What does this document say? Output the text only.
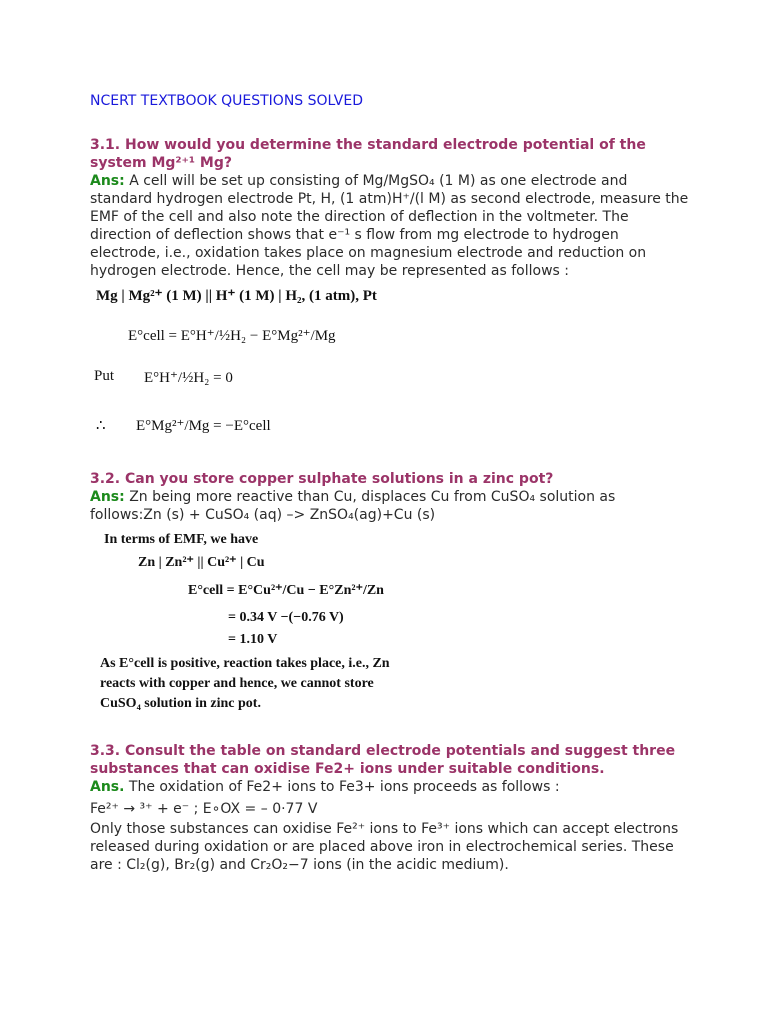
NCERT TEXTBOOK QUESTIONS SOLVED

3.1. How would you determine the standard electrode potential of the system Mg²⁺¹ Mg?

Ans: A cell will be set up consisting of Mg/MgSO₄ (1 M) as one electrode and standard hydrogen electrode Pt, H, (1 atm)H⁺/(l M) as second electrode, measure the EMF of the cell and also note the direction of deflection in the voltmeter. The direction of deflection shows that e⁻¹ s flow from mg electrode to hydrogen electrode, i.e., oxidation takes place on magnesium electrode and reduction on hydrogen electrode. Hence, the cell may be represented as follows :

Mg | Mg²⁺ (1 M) || H⁺ (1 M) | H₂, (1 atm), Pt
E°cell = E°H⁺/½H₂ − E°Mg²⁺/Mg
Put E°H⁺/½H₂ = 0
∴ E°Mg²⁺/Mg = −E°cell

3.2. Can you store copper sulphate solutions in a zinc pot?

Ans: Zn being more reactive than Cu, displaces Cu from CuSO₄ solution as follows:Zn (s) + CuSO₄ (aq) –> ZnSO₄(ag)+Cu (s)

In terms of EMF, we have
Zn | Zn²⁺ || Cu²⁺ | Cu
E°cell = E°Cu²⁺/Cu − E°Zn²⁺/Zn
= 0.34 V −(−0.76 V)
= 1.10 V
As E°cell is positive, reaction takes place, i.e., Zn
reacts with copper and hence, we cannot store
CuSO₄ solution in zinc pot.

3.3. Consult the table on standard electrode potentials and suggest three substances that can oxidise Fe2+ ions under suitable conditions.

Ans. The oxidation of Fe2+ ions to Fe3+ ions proceeds as follows :

Fe²⁺ → ³⁺ + e⁻ ; E∘OX = – 0·77 V

Only those substances can oxidise Fe²⁺ ions to Fe³⁺ ions which can accept electrons released during oxidation or are placed above iron in electrochemical series. These are : Cl₂(g), Br₂(g) and Cr₂O₂−7 ions (in the acidic medium).
